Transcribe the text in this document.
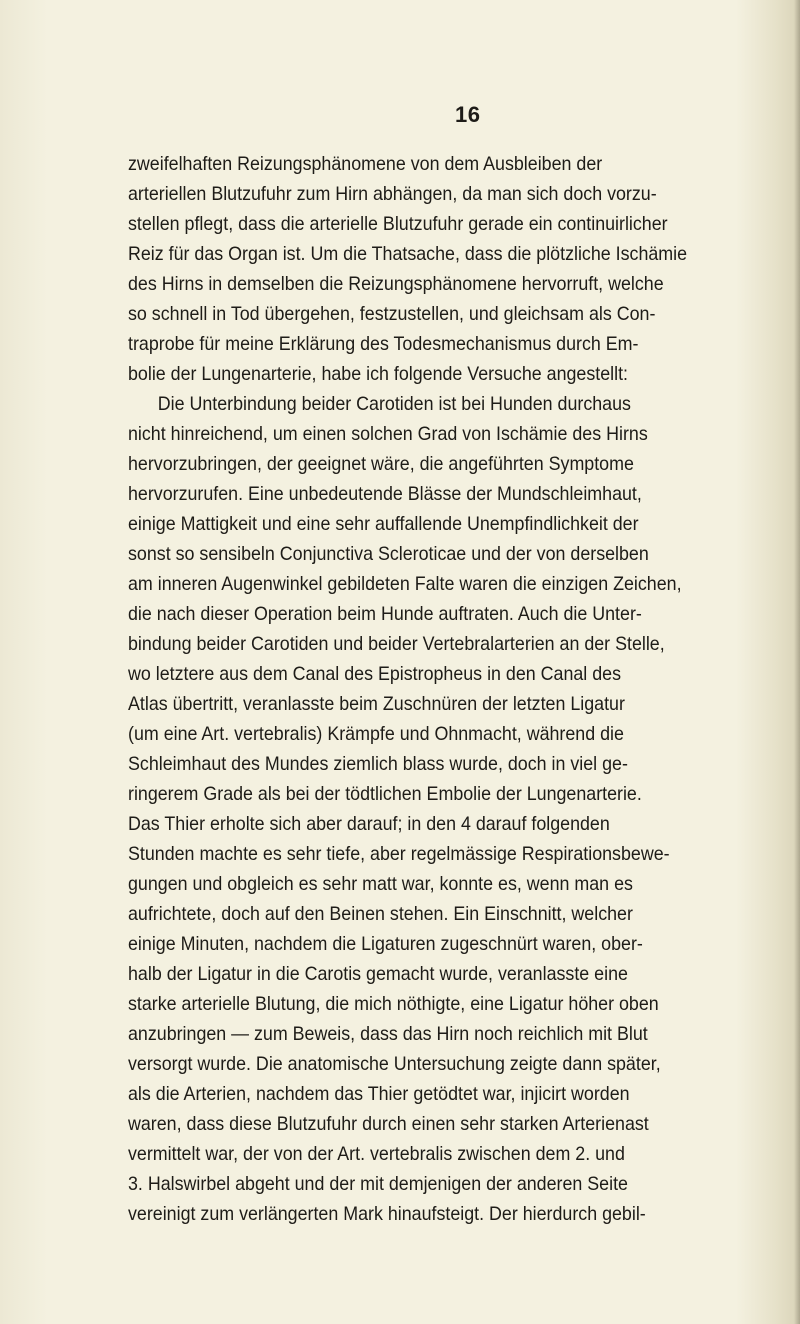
16
zweifelhaften Reizungsphänomene von dem Ausbleiben der
arteriellen Blutzufuhr zum Hirn abhängen, da man sich doch vorzu-
stellen pflegt, dass die arterielle Blutzufuhr gerade ein continuirlicher
Reiz für das Organ ist. Um die Thatsache, dass die plötzliche Ischämie
des Hirns in demselben die Reizungsphänomene hervorruft, welche
so schnell in Tod übergehen, festzustellen, und gleichsam als Con-
traprobe für meine Erklärung des Todesmechanismus durch Em-
bolie der Lungenarterie, habe ich folgende Versuche angestellt:
Die Unterbindung beider Carotiden ist bei Hunden durchaus
nicht hinreichend, um einen solchen Grad von Ischämie des Hirns
hervorzubringen, der geeignet wäre, die angeführten Symptome
hervorzurufen. Eine unbedeutende Blässe der Mundschleimhaut,
einige Mattigkeit und eine sehr auffallende Unempfindlichkeit der
sonst so sensibeln Conjunctiva Scleroticae und der von derselben
am inneren Augenwinkel gebildeten Falte waren die einzigen Zeichen,
die nach dieser Operation beim Hunde auftraten. Auch die Unter-
bindung beider Carotiden und beider Vertebralarterien an der Stelle,
wo letztere aus dem Canal des Epistropheus in den Canal des
Atlas übertritt, veranlasste beim Zuschnüren der letzten Ligatur
(um eine Art. vertebralis) Krämpfe und Ohnmacht, während die
Schleimhaut des Mundes ziemlich blass wurde, doch in viel ge-
ringerem Grade als bei der tödtlichen Embolie der Lungenarterie.
Das Thier erholte sich aber darauf; in den 4 darauf folgenden
Stunden machte es sehr tiefe, aber regelmässige Respirationsbewe-
gungen und obgleich es sehr matt war, konnte es, wenn man es
aufrichtete, doch auf den Beinen stehen. Ein Einschnitt, welcher
einige Minuten, nachdem die Ligaturen zugeschnürt waren, ober-
halb der Ligatur in die Carotis gemacht wurde, veranlasste eine
starke arterielle Blutung, die mich nöthigte, eine Ligatur höher oben
anzubringen — zum Beweis, dass das Hirn noch reichlich mit Blut
versorgt wurde. Die anatomische Untersuchung zeigte dann später,
als die Arterien, nachdem das Thier getödtet war, injicirt worden
waren, dass diese Blutzufuhr durch einen sehr starken Arterienast
vermittelt war, der von der Art. vertebralis zwischen dem 2. und
3. Halswirbel abgeht und der mit demjenigen der anderen Seite
vereinigt zum verlängerten Mark hinaufsteigt. Der hierdurch gebil-
